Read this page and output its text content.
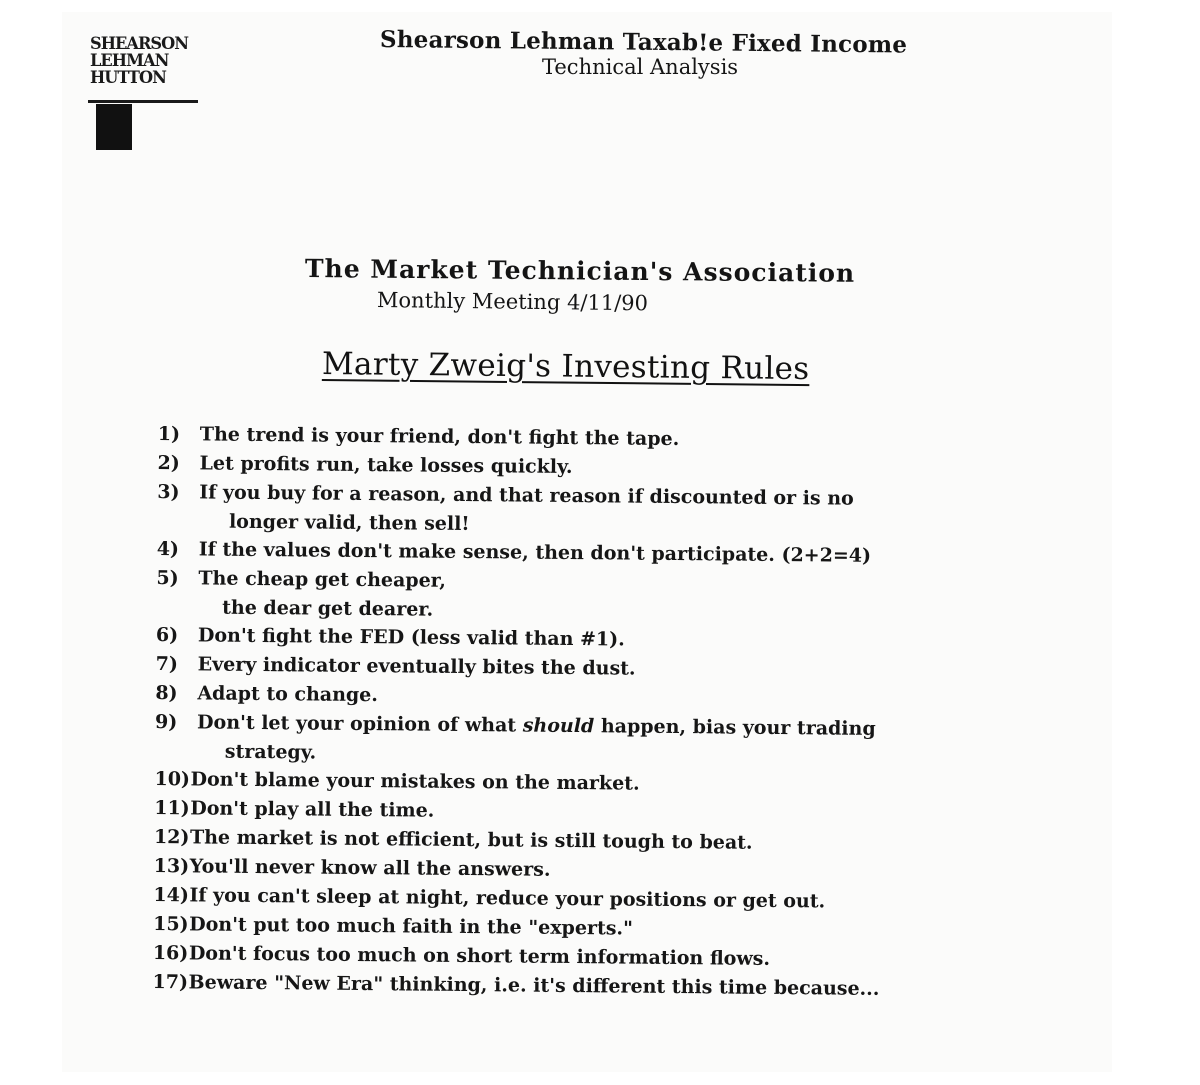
SHEARSON
LEHMAN
HUTTON
Shearson Lehman Taxab!e Fixed Income
Technical Analysis
The Market Technician's Association
Monthly Meeting 4/11/90
Marty Zweig's Investing Rules
1)	The trend is your friend, don't fight the tape.
2)	Let profits run, take losses quickly.
3)	If you buy for a reason, and that reason if discounted or is no
longer valid, then sell!
4)	If the values don't make sense, then don't participate. (2+2=4)
5)	The cheap get cheaper,
the dear get dearer.
6)	Don't fight the FED (less valid than #1).
7)	Every indicator eventually bites the dust.
8)	Adapt to change.
9)	Don't let your opinion of what should happen, bias your trading
strategy.
10) Don't blame your mistakes on the market.
11) Don't play all the time.
12) The market is not efficient, but is still tough to beat.
13) You'll never know all the answers.
14) If you can't sleep at night, reduce your positions or get out.
15) Don't put too much faith in the "experts."
16) Don't focus too much on short term information flows.
17) Beware "New Era" thinking, i.e. it's different this time because...
